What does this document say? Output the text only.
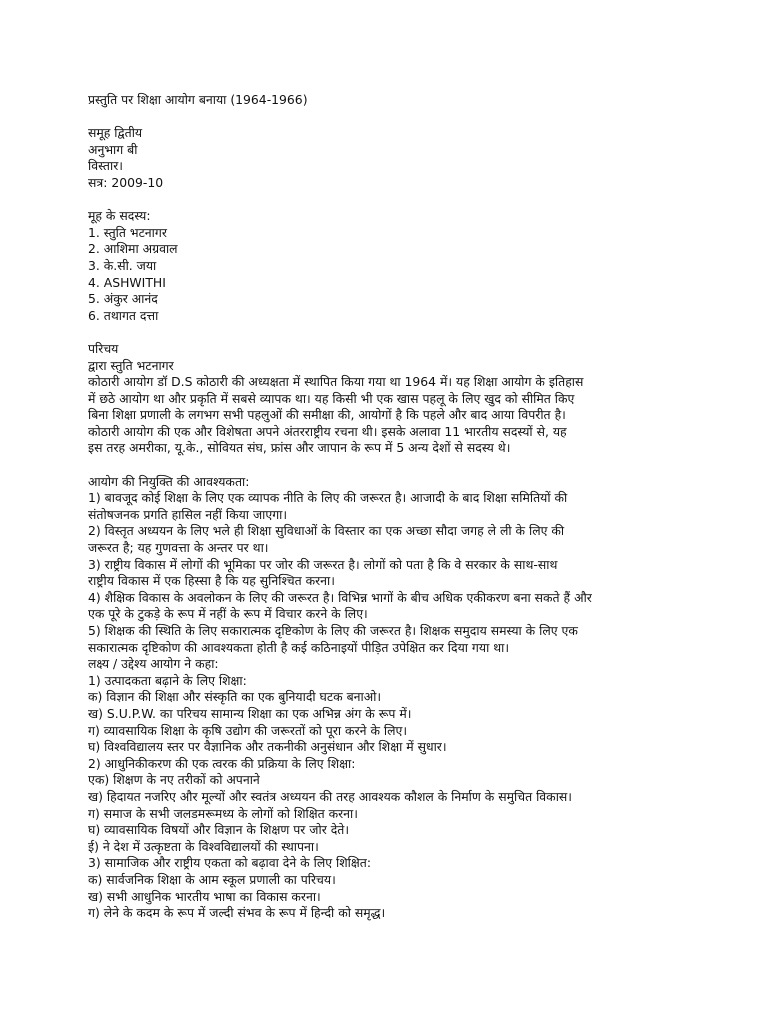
प्रस्तुति पर शिक्षा आयोग बनाया (1964-1966)
समूह द्वितीय
अनुभाग बी
विस्तार।
सत्र: 2009-10
मूह के सदस्य:
1. स्तुति भटनागर
2. आशिमा अग्रवाल
3. के.सी. जया
4. ASHWITHI
5. अंकुर आनंद
6. तथागत दत्ता
परिचय
द्वारा स्तुति भटनागर
कोठारी आयोग डॉ D.S कोठारी की अध्यक्षता में स्थापित किया गया था 1964 में। यह शिक्षा आयोग के इतिहास
में छठे आयोग था और प्रकृति में सबसे व्यापक था। यह किसी भी एक खास पहलू के लिए खुद को सीमित किए
बिना शिक्षा प्रणाली के लगभग सभी पहलुओं की समीक्षा की, आयोगों है कि पहले और बाद आया विपरीत है।
कोठारी आयोग की एक और विशेषता अपने अंतरराष्ट्रीय रचना थी। इसके अलावा 11 भारतीय सदस्यों से, यह
इस तरह अमरीका, यू.के., सोवियत संघ, फ्रांस और जापान के रूप में 5 अन्य देशों से सदस्य थे।
आयोग की नियुक्ति की आवश्यकता:
1) बावजूद कोई शिक्षा के लिए एक व्यापक नीति के लिए की जरूरत है। आजादी के बाद शिक्षा समितियों की
संतोषजनक प्रगति हासिल नहीं किया जाएगा।
2) विस्तृत अध्ययन के लिए भले ही शिक्षा सुविधाओं के विस्तार का एक अच्छा सौदा जगह ले ली के लिए की
जरूरत है; यह गुणवत्ता के अन्तर पर था।
3) राष्ट्रीय विकास में लोगों की भूमिका पर जोर की जरूरत है। लोगों को पता है कि वे सरकार के साथ-साथ
राष्ट्रीय विकास में एक हिस्सा है कि यह सुनिश्चित करना।
4) शैक्षिक विकास के अवलोकन के लिए की जरूरत है। विभिन्न भागों के बीच अधिक एकीकरण बना सकते हैं और
एक पूरे के टुकड़े के रूप में नहीं के रूप में विचार करने के लिए।
5) शिक्षक की स्थिति के लिए सकारात्मक दृष्टिकोण के लिए की जरूरत है। शिक्षक समुदाय समस्या के लिए एक
सकारात्मक दृष्टिकोण की आवश्यकता होती है कई कठिनाइयों पीड़ित उपेक्षित कर दिया गया था।
लक्ष्य / उद्देश्य आयोग ने कहा:
1) उत्पादकता बढ़ाने के लिए शिक्षा:
क) विज्ञान की शिक्षा और संस्कृति का एक बुनियादी घटक बनाओ।
ख) S.U.P.W. का परिचय सामान्य शिक्षा का एक अभिन्न अंग के रूप में।
ग) व्यावसायिक शिक्षा के कृषि उद्योग की जरूरतों को पूरा करने के लिए।
घ) विश्वविद्यालय स्तर पर वैज्ञानिक और तकनीकी अनुसंधान और शिक्षा में सुधार।
2) आधुनिकीकरण की एक त्वरक की प्रक्रिया के लिए शिक्षा:
एक) शिक्षण के नए तरीकों को अपनाने
ख) हिदायत नजरिए और मूल्यों और स्वतंत्र अध्ययन की तरह आवश्यक कौशल के निर्माण के समुचित विकास।
ग) समाज के सभी जलडमरूमध्य के लोगों को शिक्षित करना।
घ) व्यावसायिक विषयों और विज्ञान के शिक्षण पर जोर देते।
ई) ने देश में उत्कृष्टता के विश्वविद्यालयों की स्थापना।
3) सामाजिक और राष्ट्रीय एकता को बढ़ावा देने के लिए शिक्षित:
क) सार्वजनिक शिक्षा के आम स्कूल प्रणाली का परिचय।
ख) सभी आधुनिक भारतीय भाषा का विकास करना।
ग) लेने के कदम के रूप में जल्दी संभव के रूप में हिन्दी को समृद्ध।
